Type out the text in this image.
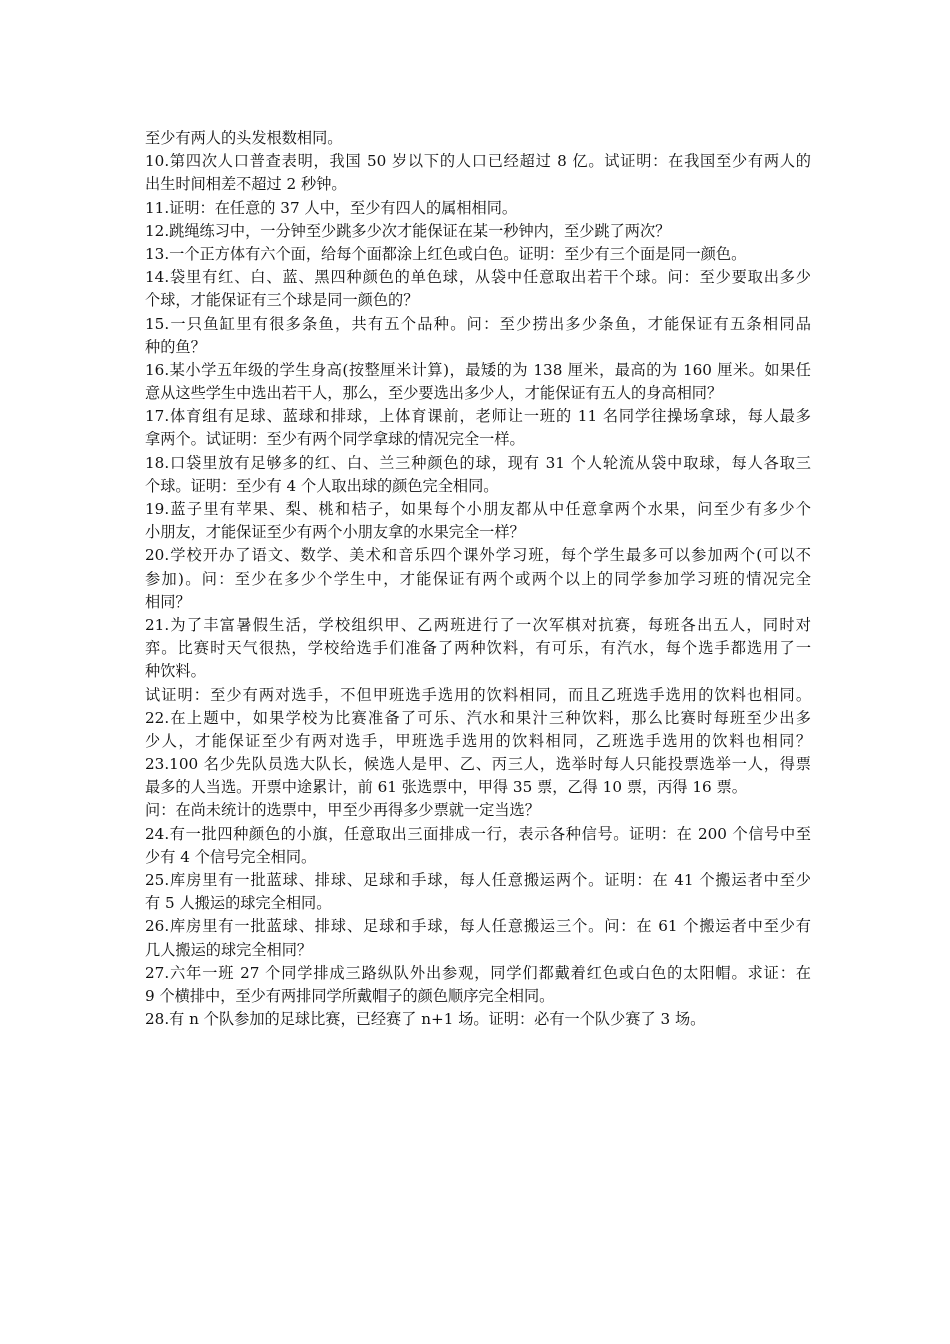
至少有两人的头发根数相同。
10.第四次人口普查表明，我国 50 岁以下的人口已经超过 8 亿。试证明：在我国至少有两人的
出生时间相差不超过 2 秒钟。
11.证明：在任意的 37 人中，至少有四人的属相相同。
12.跳绳练习中，一分钟至少跳多少次才能保证在某一秒钟内，至少跳了两次？
13.一个正方体有六个面，给每个面都涂上红色或白色。证明：至少有三个面是同一颜色。
14.袋里有红、白、蓝、黑四种颜色的单色球，从袋中任意取出若干个球。问：至少要取出多少
个球，才能保证有三个球是同一颜色的？
15.一只鱼缸里有很多条鱼，共有五个品种。问：至少捞出多少条鱼，才能保证有五条相同品
种的鱼？
16.某小学五年级的学生身高(按整厘米计算)，最矮的为 138 厘米，最高的为 160 厘米。如果任
意从这些学生中选出若干人，那么，至少要选出多少人，才能保证有五人的身高相同？
17.体育组有足球、蓝球和排球，上体育课前，老师让一班的 11 名同学往操场拿球，每人最多
拿两个。试证明：至少有两个同学拿球的情况完全一样。
18.口袋里放有足够多的红、白、兰三种颜色的球，现有 31 个人轮流从袋中取球，每人各取三
个球。证明：至少有 4 个人取出球的颜色完全相同。
19.蓝子里有苹果、梨、桃和桔子，如果每个小朋友都从中任意拿两个水果，问至少有多少个
小朋友，才能保证至少有两个小朋友拿的水果完全一样？
20.学校开办了语文、数学、美术和音乐四个课外学习班，每个学生最多可以参加两个(可以不
参加)。问：至少在多少个学生中，才能保证有两个或两个以上的同学参加学习班的情况完全
相同？
21.为了丰富暑假生活，学校组织甲、乙两班进行了一次军棋对抗赛，每班各出五人，同时对
弈。比赛时天气很热，学校给选手们准备了两种饮料，有可乐，有汽水，每个选手都选用了一
种饮料。
试证明：至少有两对选手，不但甲班选手选用的饮料相同，而且乙班选手选用的饮料也相同。
22.在上题中，如果学校为比赛准备了可乐、汽水和果汁三种饮料，那么比赛时每班至少出多
少人，才能保证至少有两对选手，甲班选手选用的饮料相同，乙班选手选用的饮料也相同？
23.100 名少先队员选大队长，候选人是甲、乙、丙三人，选举时每人只能投票选举一人，得票
最多的人当选。开票中途累计，前 61 张选票中，甲得 35 票，乙得 10 票，丙得 16 票。
问：在尚未统计的选票中，甲至少再得多少票就一定当选？
24.有一批四种颜色的小旗，任意取出三面排成一行，表示各种信号。证明：在 200 个信号中至
少有 4 个信号完全相同。
25.库房里有一批蓝球、排球、足球和手球，每人任意搬运两个。证明：在 41 个搬运者中至少
有 5 人搬运的球完全相同。
26.库房里有一批蓝球、排球、足球和手球，每人任意搬运三个。问：在 61 个搬运者中至少有
几人搬运的球完全相同？
27.六年一班 27 个同学排成三路纵队外出参观，同学们都戴着红色或白色的太阳帽。求证：在
9 个横排中，至少有两排同学所戴帽子的颜色顺序完全相同。
28.有 n 个队参加的足球比赛，已经赛了 n+1 场。证明：必有一个队少赛了 3 场。
